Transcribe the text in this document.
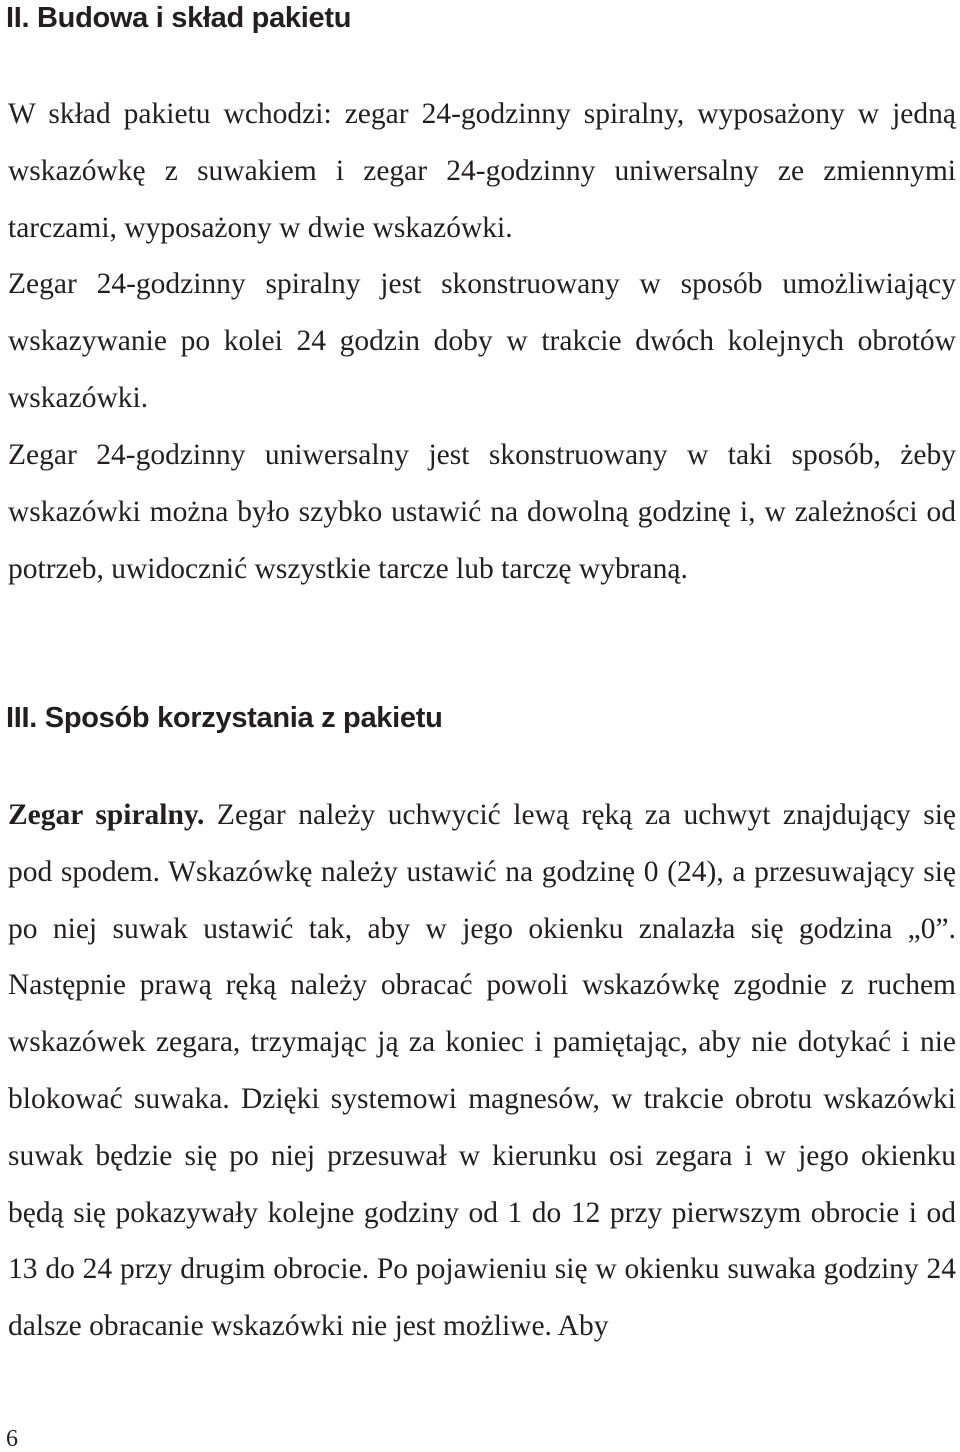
II. Budowa i skład pakietu

W skład pakietu wchodzi: zegar 24-godzinny spiralny, wyposażony w jedną wskazówkę z suwakiem i zegar 24-godzinny uniwersalny ze zmiennymi tarczami, wyposażony w dwie wskazówki.

Zegar 24-godzinny spiralny jest skonstruowany w sposób umożliwiający wskazywanie po kolei 24 godzin doby w trakcie dwóch kolejnych obrotów wskazówki.

Zegar 24-godzinny uniwersalny jest skonstruowany w taki sposób, żeby wskazówki można było szybko ustawić na dowolną godzinę i, w zależności od potrzeb, uwidocznić wszystkie tarcze lub tarczę wybraną.

III. Sposób korzystania z pakietu

Zegar spiralny. Zegar należy uchwycić lewą ręką za uchwyt znajdujący się pod spodem. Wskazówkę należy ustawić na godzinę 0 (24), a przesuwający się po niej suwak ustawić tak, aby w jego okienku znalazła się godzina „0”. Następnie prawą ręką należy obracać powoli wskazówkę zgodnie z ruchem wskazówek zegara, trzymając ją za koniec i pamiętając, aby nie dotykać i nie blokować suwaka. Dzięki systemowi magnesów, w trakcie obrotu wskazówki suwak będzie się po niej przesuwał w kierunku osi zegara i w jego okienku będą się pokazywały kolejne godziny od 1 do 12 przy pierwszym obrocie i od 13 do 24 przy drugim obrocie. Po pojawieniu się w okienku suwaka godziny 24 dalsze obracanie wskazówki nie jest możliwe. Aby

6
